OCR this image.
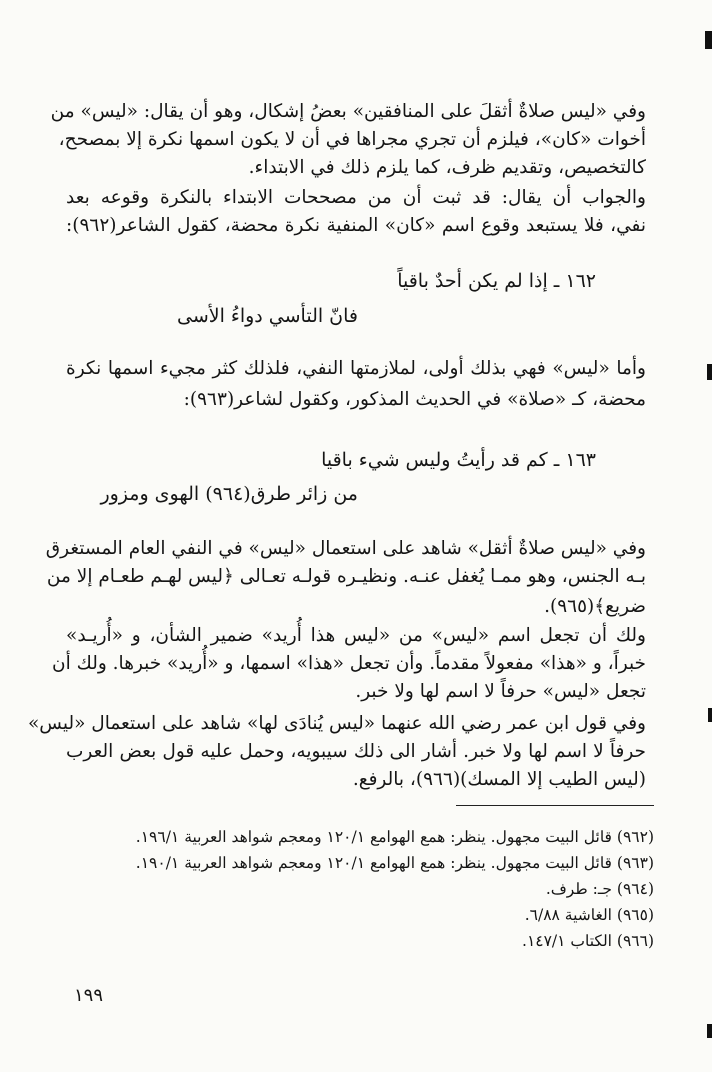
وفي «ليس صلاةٌ أثقلَ على المنافقين» بعضُ إشكال، وهو أن يقال: «ليس» من
أخوات «كان»، فيلزم أن تجري مجراها في أن لا يكون اسمها نكرة إلا بمصحح،
كالتخصيص، وتقديم ظرف، كما يلزم ذلك في الابتداء.
والجواب أن يقال: قد ثبت أن من مصححات الابتداء بالنكرة وقوعه بعد
نفي، فلا يستبعد وقوع اسم «كان» المنفية نكرة محضة، كقول الشاعر(٩٦٢):
١٦٢ ـ إذا لم يكن أحدٌ باقياً
فانّ التأسي دواءُ الأسى
وأما «ليس» فهي بذلك أولى، لملازمتها النفي، فلذلك كثر مجيء اسمها نكرة
محضة، كـ «صلاة» في الحديث المذكور، وكقول لشاعر(٩٦٣):
١٦٣ ـ كم قد رأيتُ وليس شيء باقيا
من زائر طرق(٩٦٤) الهوى ومزور
وفي «ليس صلاةٌ أثقل» شاهد على استعمال «ليس» في النفي العام المستغرق
بـه الجنس، وهو ممـا يُغفل عنـه. ونظيـره قولـه تعـالى ﴿ليس لهـم طعـام إلا من
ضريع﴾(٩٦٥).
ولك أن تجعل اسم «ليس» من «ليس هذا أُريد» ضمير الشأن، و «أُريـد»
خبراً، و «هذا» مفعولاً مقدماً. وأن تجعل «هذا» اسمها، و «أُريد» خبرها. ولك أن
تجعل «ليس» حرفاً لا اسم لها ولا خبر.
وفي قول ابن عمر رضي الله عنهما «ليس يُنادَى لها» شاهد على استعمال «ليس»
حرفاً لا اسم لها ولا خبر. أشار الى ذلك سيبويه، وحمل عليه قول بعض العرب
(ليس الطيب إلا المسك)(٩٦٦)، بالرفع.
(٩٦٢) قائل البيت مجهول. ينظر: همع الهوامع ١٢٠/١ ومعجم شواهد العربية ١٩٦/١.
(٩٦٣) قائل البيت مجهول. ينظر: همع الهوامع ١٢٠/١ ومعجم شواهد العربية ١٩٠/١.
(٩٦٤) جـ: طرف.
(٩٦٥) الغاشية ٦/٨٨.
(٩٦٦) الكتاب ١٤٧/١.
١٩٩
